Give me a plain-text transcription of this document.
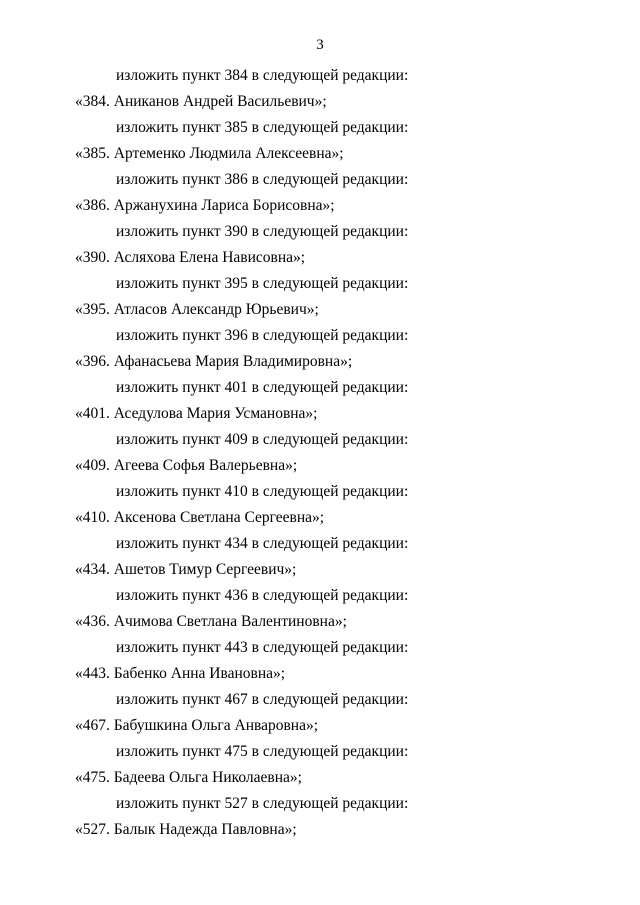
3
изложить пункт 384 в следующей редакции:
«384. Аниканов Андрей Васильевич»;
изложить пункт 385 в следующей редакции:
«385. Артеменко Людмила Алексеевна»;
изложить пункт 386 в следующей редакции:
«386. Аржанухина Лариса Борисовна»;
изложить пункт 390 в следующей редакции:
«390. Асляхова Елена Нависовна»;
изложить пункт 395 в следующей редакции:
«395. Атласов Александр Юрьевич»;
изложить пункт 396 в следующей редакции:
«396. Афанасьева Мария Владимировна»;
изложить пункт 401 в следующей редакции:
«401. Аседулова Мария Усмановна»;
изложить пункт 409 в следующей редакции:
«409. Агеева Софья Валерьевна»;
изложить пункт 410 в следующей редакции:
«410. Аксенова Светлана Сергеевна»;
изложить пункт 434 в следующей редакции:
«434. Ашетов Тимур Сергеевич»;
изложить пункт 436 в следующей редакции:
«436. Ачимова Светлана Валентиновна»;
изложить пункт 443 в следующей редакции:
«443. Бабенко Анна Ивановна»;
изложить пункт 467 в следующей редакции:
«467. Бабушкина Ольга Анваровна»;
изложить пункт 475 в следующей редакции:
«475. Бадеева Ольга Николаевна»;
изложить пункт 527 в следующей редакции:
«527. Балык Надежда Павловна»;
